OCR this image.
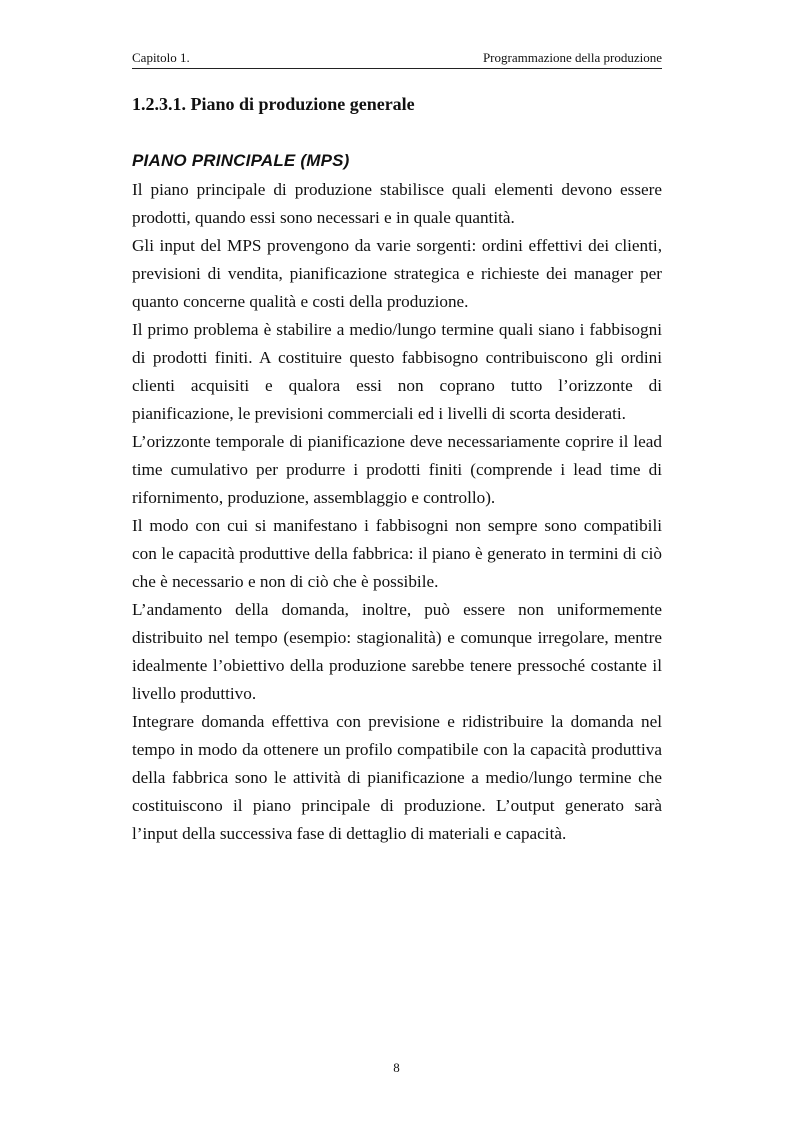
Capitolo 1.	Programmazione della produzione
1.2.3.1. Piano di produzione generale
PIANO PRINCIPALE (MPS)

Il piano principale di produzione stabilisce quali elementi devono essere prodotti, quando essi sono necessari e in quale quantità.

Gli input del MPS provengono da varie sorgenti: ordini effettivi dei clienti, previsioni di vendita, pianificazione strategica e richieste dei manager per quanto concerne qualità e costi della produzione.

Il primo problema è stabilire a medio/lungo termine quali siano i fabbisogni di prodotti finiti. A costituire questo fabbisogno contribuiscono gli ordini clienti acquisiti e qualora essi non coprano tutto l’orizzonte di pianificazione, le previsioni commerciali ed i livelli di scorta desiderati.

L’orizzonte temporale di pianificazione deve necessariamente coprire il lead time cumulativo per produrre i prodotti finiti (comprende i lead time di rifornimento, produzione, assemblaggio e controllo).

Il modo con cui si manifestano i fabbisogni non sempre sono compatibili con le capacità produttive della fabbrica: il piano è generato in termini di ciò che è necessario e non di ciò che è possibile.

L’andamento della domanda, inoltre, può essere non uniformemente distribuito nel tempo (esempio: stagionalità) e comunque irregolare, mentre idealmente l’obiettivo della produzione sarebbe tenere pressoché costante il livello produttivo.

Integrare domanda effettiva con previsione e ridistribuire la domanda nel tempo in modo da ottenere un profilo compatibile con la capacità produttiva della fabbrica sono le attività di pianificazione a medio/lungo termine che costituiscono il piano principale di produzione. L’output generato sarà l’input della successiva fase di dettaglio di materiali e capacità.

8
